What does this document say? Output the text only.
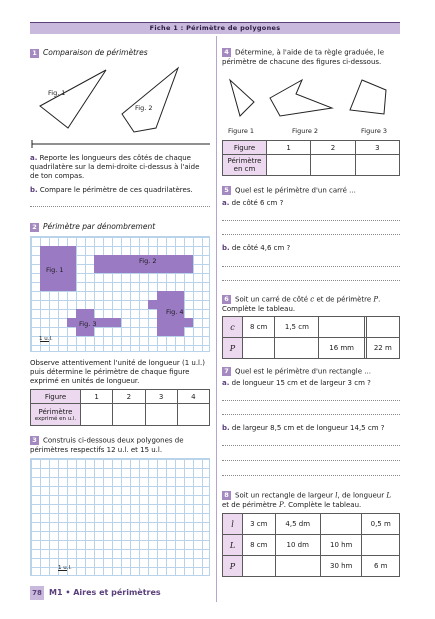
Fiche 1 : Périmètre de polygones
1 Comparaison de périmètres
Fig. 1
Fig. 2
a. Reporte les longueurs des côtés de chaque quadrilatère sur la demi-droite ci-dessus à l'aide de ton compas.
b. Compare le périmètre de ces quadrilatères.
2 Périmètre par dénombrement
Fig. 1
Fig. 2
Fig. 3
Fig. 4
1 u.l.
Observe attentivement l'unité de longueur (1 u.l.) puis détermine le périmètre de chaque figure exprimé en unités de longueur.
Figure	1	2	3	4

Périmètre
exprimé en u.l.				

3 Construis ci-dessous deux polygones de périmètres respectifs 12 u.l. et 15 u.l.
1 u.l.
4 Détermine, à l'aide de ta règle graduée, le périmètre de chacune des figures ci-dessous.
Figure 1	Figure 2	Figure 3
Figure	1	2	3
Périmètre en cm			
5 Quel est le périmètre d'un carré ...
a. de côté 6 cm ?
b. de côté 4,6 cm ?
6 Soit un carré de côté c et de périmètre P. Complète le tableau.
c	8 cm	1,5 cm			
P			16 mm		22 m
7 Quel est le périmètre d'un rectangle ...
a. de longueur 15 cm et de largeur 3 cm ?
b. de largeur 8,5 cm et de longueur 14,5 cm ?
8 Soit un rectangle de largeur l, de longueur L et de périmètre P. Complète le tableau.
l	3 cm	4,5 dm		0,5 m
L	8 cm	10 dm	10 hm	
P			30 hm	6 m
78 M1 • Aires et périmètres
